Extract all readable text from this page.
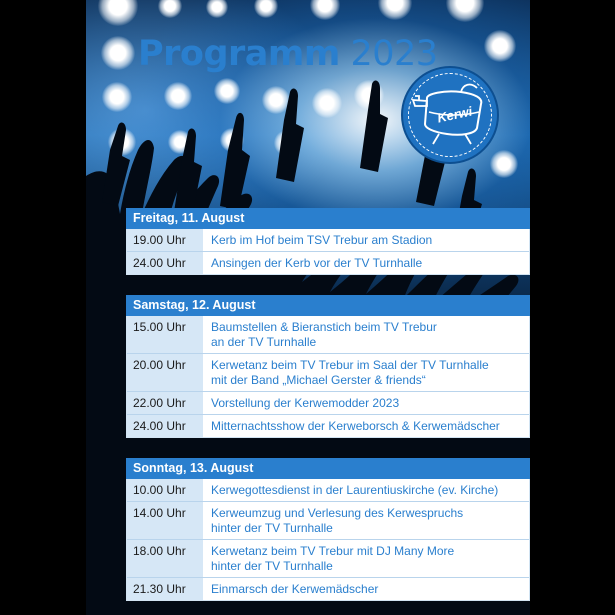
Programm 2023
Kerwi
Freitag, 11. August
19.00 Uhr	Kerb im Hof beim TSV Trebur am Stadion
24.00 Uhr	Ansingen der Kerb vor der TV Turnhalle
Samstag, 12. August
15.00 Uhr	Baumstellen & Bieranstich beim TV Trebur
an der TV Turnhalle
20.00 Uhr	Kerwetanz beim TV Trebur im Saal der TV Turnhalle
mit der Band „Michael Gerster & friends“
22.00 Uhr	Vorstellung der Kerwemodder 2023
24.00 Uhr	Mitternachtsshow der Kerweborsch & Kerwemädscher
Sonntag, 13. August
10.00 Uhr	Kerwegottesdienst in der Laurentiuskirche (ev. Kirche)
14.00 Uhr	Kerweumzug und Verlesung des Kerwespruchs
hinter der TV Turnhalle
18.00 Uhr	Kerwetanz beim TV Trebur mit DJ Many More
hinter der TV Turnhalle
21.30 Uhr	Einmarsch der Kerwemädscher
